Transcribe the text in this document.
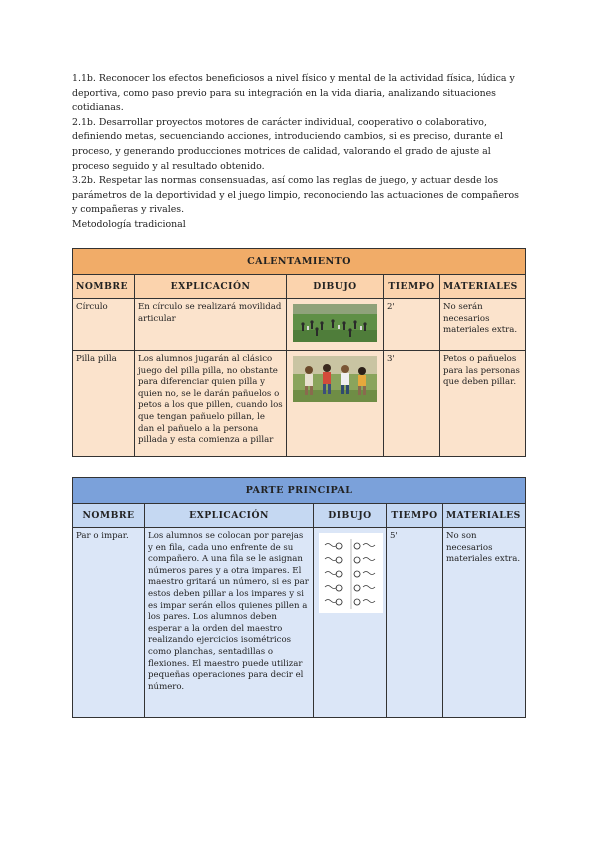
1.1b. Reconocer los efectos beneficiosos a nivel físico y mental de la actividad física, lúdica y deportiva, como paso previo para su integración en la vida diaria, analizando situaciones cotidianas.

2.1b. Desarrollar proyectos motores de carácter individual, cooperativo o colaborativo, definiendo metas, secuenciando acciones, introduciendo cambios, si es preciso, durante el proceso, y generando producciones motrices de calidad, valorando el grado de ajuste al proceso seguido y al resultado obtenido.

3.2b. Respetar las normas consensuadas, así como las reglas de juego, y actuar desde los parámetros de la deportividad y el juego limpio, reconociendo las actuaciones de compañeros y compañeras y rivales.

Metodología tradicional
CALENTAMIENTO				
NOMBRE	EXPLICACIÓN	DIBUJO	TIEMPO	MATERIALES
Círculo	En círculo se realizará movilidad articular		2'	No serán necesarios materiales extra.
Pilla pilla	Los alumnos jugarán al clásico juego del pilla pilla, no obstante para diferenciar quien pilla y quien no, se le darán pañuelos o petos a los que pillen, cuando los que tengan pañuelo pillan, le dan el pañuelo a la persona pillada y esta comienza a pillar		3'	Petos o pañuelos para las personas que deben pillar.
PARTE PRINCIPAL				
NOMBRE	EXPLICACIÓN	DIBUJO	TIEMPO	MATERIALES
Par o impar.	Los alumnos se colocan por parejas y en fila, cada uno enfrente de su compañero. A una fila se le asignan números pares y a otra impares. El maestro gritará un número, si es par estos deben pillar a los impares y si es impar serán ellos quienes pillen a los pares. Los alumnos deben esperar a la orden del maestro realizando ejercicios isométricos como planchas, sentadillas o flexiones. El maestro puede utilizar pequeñas operaciones para decir el número.		5'	No son necesarios materiales extra.
